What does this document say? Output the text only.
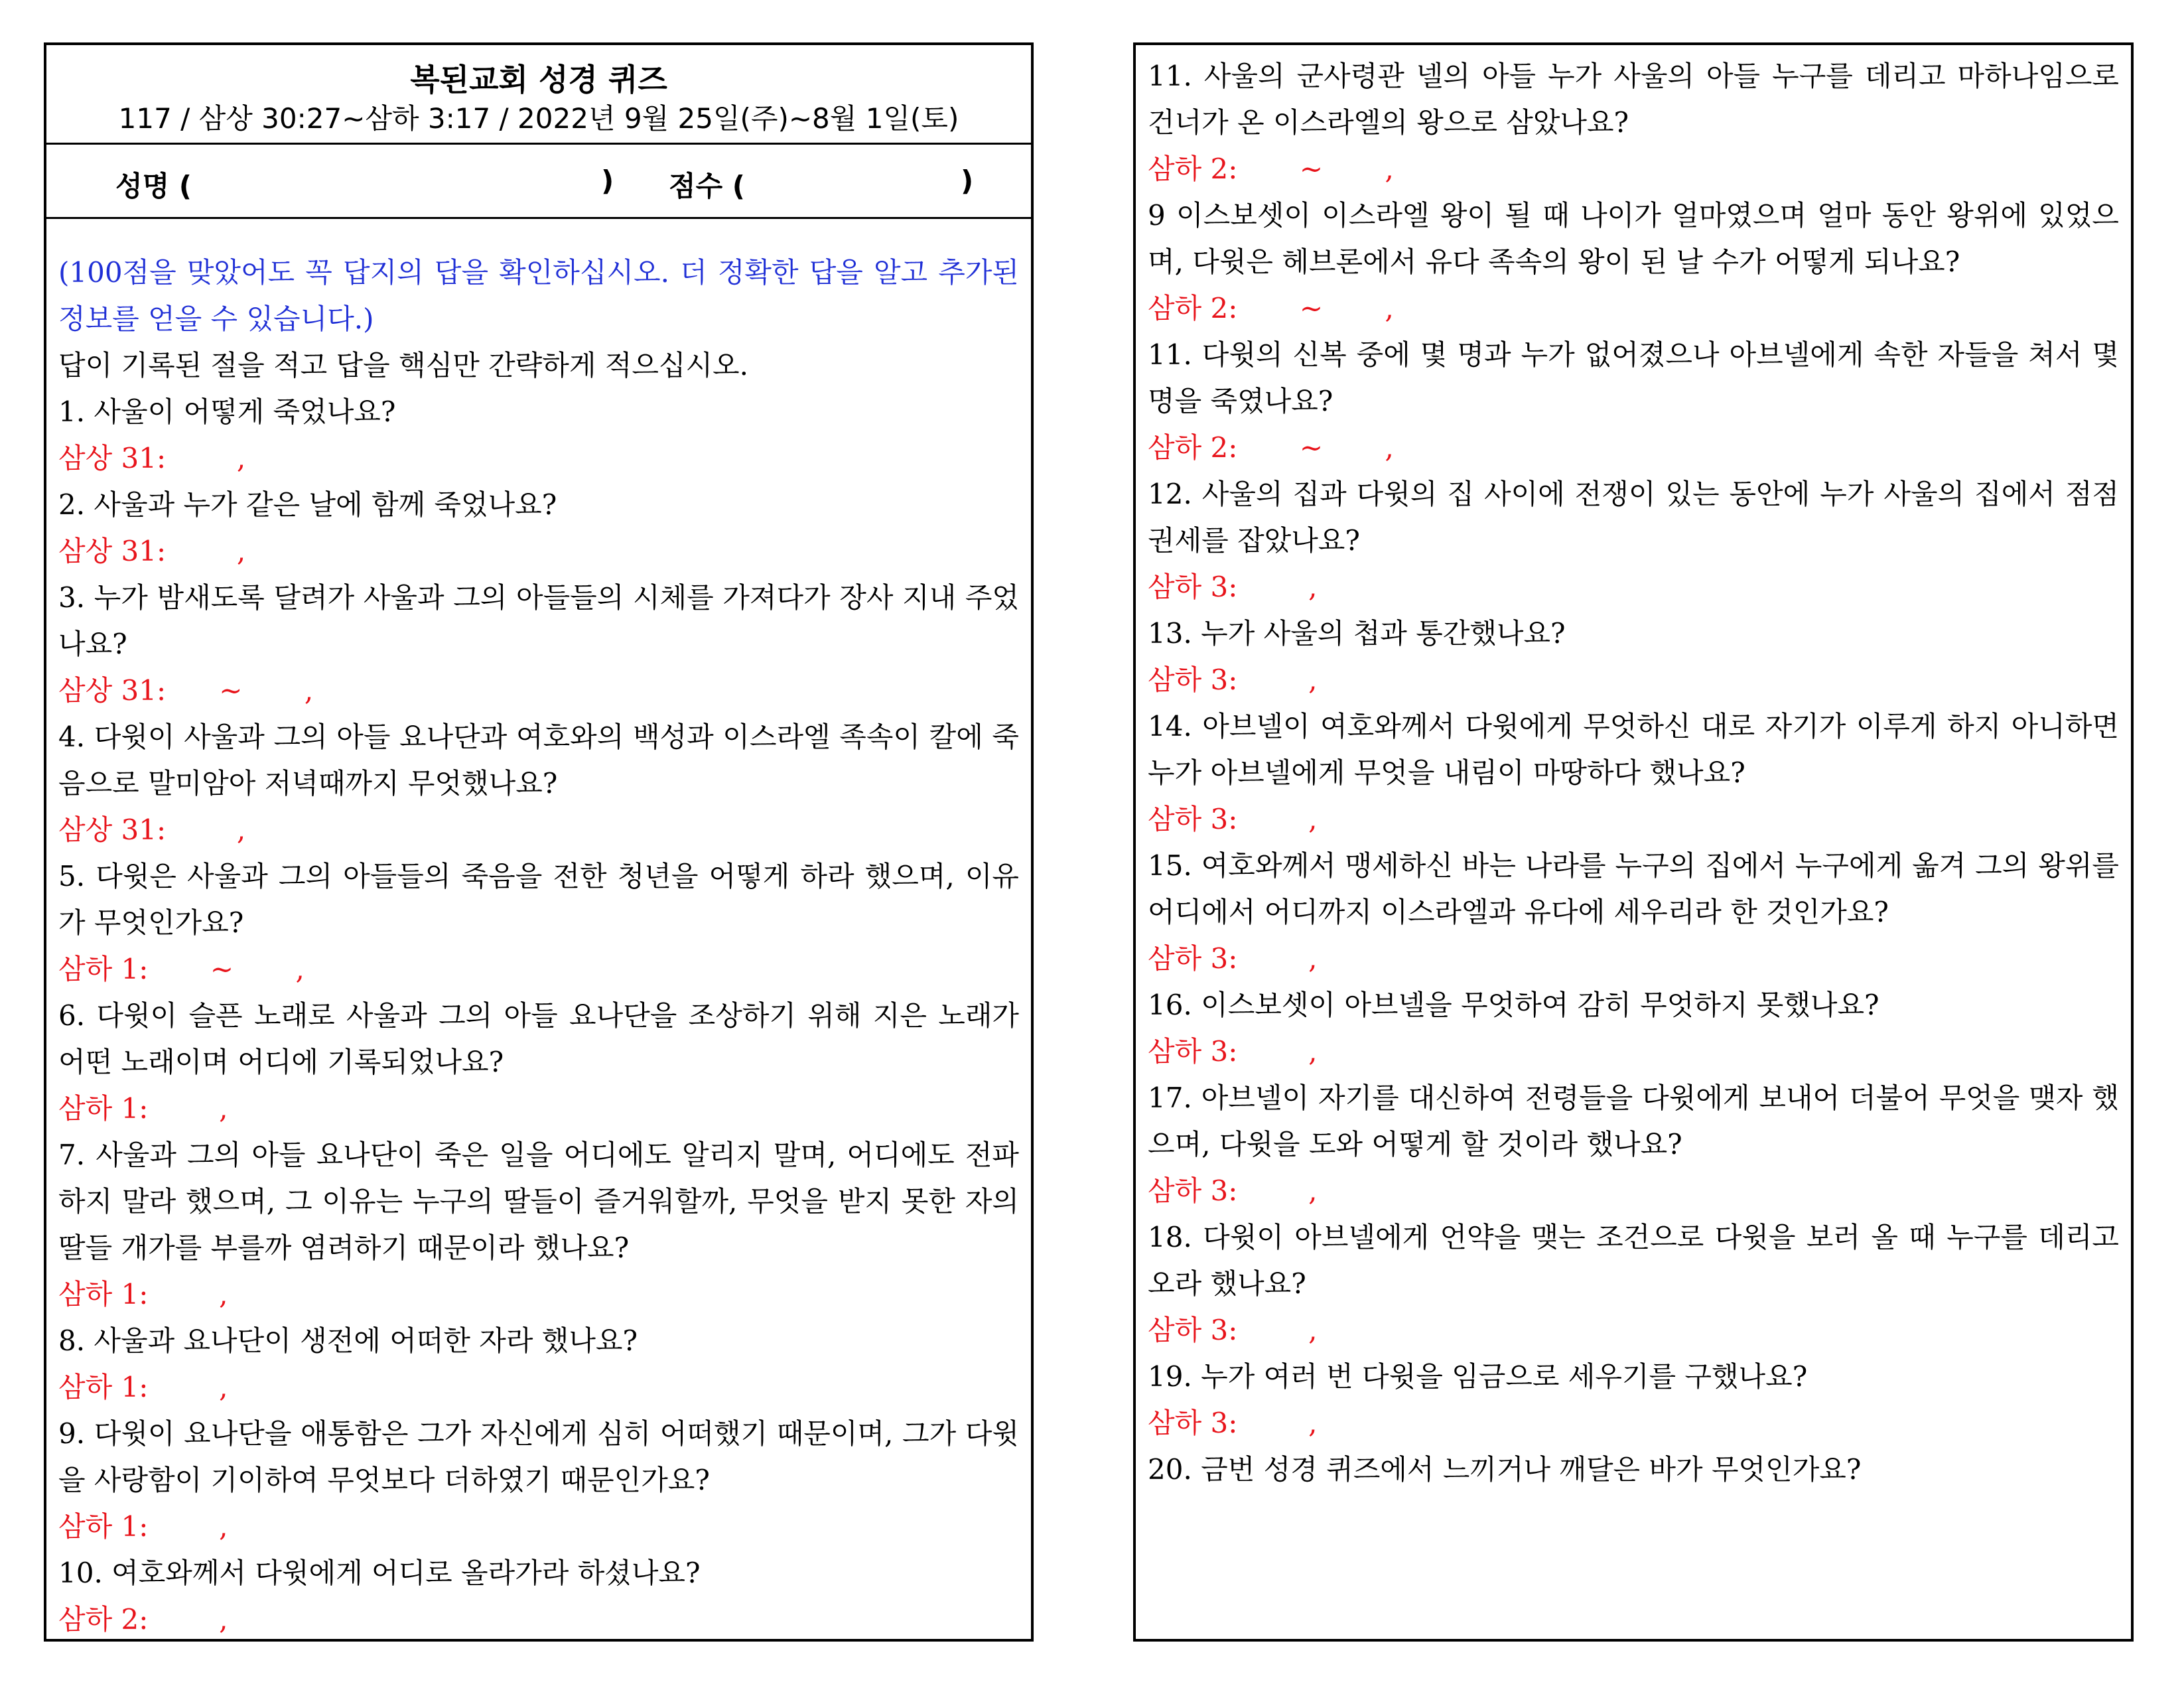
복된교회 성경 퀴즈
117 / 삼상 30:27~삼하 3:17 / 2022년 9월 25일(주)~8월 1일(토)
성명 (	) 점수 (	)

(100점을 맞았어도 꼭 답지의 답을 확인하십시오. 더 정확한 답을 알고 추가된 정보를 얻을 수 있습니다.)

답이 기록된 절을 적고 답을 핵심만 간략하게 적으십시오.

1. 사울이 어떻게 죽었나요?

삼상 31:        ,

2. 사울과 누가 같은 날에 함께 죽었나요?

삼상 31:        ,

3. 누가 밤새도록 달려가 사울과 그의 아들들의 시체를 가져다가 장사 지내 주었나요?

삼상 31:      ~       ,

4. 다윗이 사울과 그의 아들 요나단과 여호와의 백성과 이스라엘 족속이 칼에 죽음으로 말미암아 저녁때까지 무엇했나요?

삼상 31:        ,

5. 다윗은 사울과 그의 아들들의 죽음을 전한 청년을 어떻게 하라 했으며, 이유가 무엇인가요?

삼하 1:       ~       ,

6. 다윗이 슬픈 노래로 사울과 그의 아들 요나단을 조상하기 위해 지은 노래가 어떤 노래이며 어디에 기록되었나요?

삼하 1:        ,

7. 사울과 그의 아들 요나단이 죽은 일을 어디에도 알리지 말며, 어디에도 전파하지 말라 했으며, 그 이유는 누구의 딸들이 즐거워할까, 무엇을 받지 못한 자의 딸들 개가를 부를까 염려하기 때문이라 했나요?

삼하 1:        ,

8. 사울과 요나단이 생전에 어떠한 자라 했나요?

삼하 1:        ,

9. 다윗이 요나단을 애통함은 그가 자신에게 심히 어떠했기 때문이며, 그가 다윗을 사랑함이 기이하여 무엇보다 더하였기 때문인가요?

삼하 1:        ,

10. 여호와께서 다윗에게 어디로 올라가라 하셨나요?

삼하 2:        ,

11. 사울의 군사령관 넬의 아들 누가 사울의 아들 누구를 데리고 마하나임으로 건너가 온 이스라엘의 왕으로 삼았나요?

삼하 2:       ~       ,

9 이스보셋이 이스라엘 왕이 될 때 나이가 얼마였으며 얼마 동안 왕위에 있었으며, 다윗은 헤브론에서 유다 족속의 왕이 된 날 수가 어떻게 되나요?

삼하 2:       ~       ,

11. 다윗의 신복 중에 몇 명과 누가 없어졌으나 아브넬에게 속한 자들을 쳐서 몇 명을 죽였나요?

삼하 2:       ~       ,

12. 사울의 집과 다윗의 집 사이에 전쟁이 있는 동안에 누가 사울의 집에서 점점 권세를 잡았나요?

삼하 3:        ,

13. 누가 사울의 첩과 통간했나요?

삼하 3:        ,

14. 아브넬이 여호와께서 다윗에게 무엇하신 대로 자기가 이루게 하지 아니하면 누가 아브넬에게 무엇을 내림이 마땅하다 했나요?

삼하 3:        ,

15. 여호와께서 맹세하신 바는 나라를 누구의 집에서 누구에게 옮겨 그의 왕위를 어디에서 어디까지 이스라엘과 유다에 세우리라 한 것인가요?

삼하 3:        ,

16. 이스보셋이 아브넬을 무엇하여 감히 무엇하지 못했나요?

삼하 3:        ,

17. 아브넬이 자기를 대신하여 전령들을 다윗에게 보내어 더불어 무엇을 맺자 했으며, 다윗을 도와 어떻게 할 것이라 했나요?

삼하 3:        ,

18. 다윗이 아브넬에게 언약을 맺는 조건으로 다윗을 보러 올 때 누구를 데리고 오라 했나요?

삼하 3:        ,

19. 누가 여러 번 다윗을 임금으로 세우기를 구했나요?

삼하 3:        ,

20. 금번 성경 퀴즈에서 느끼거나 깨달은 바가 무엇인가요?
